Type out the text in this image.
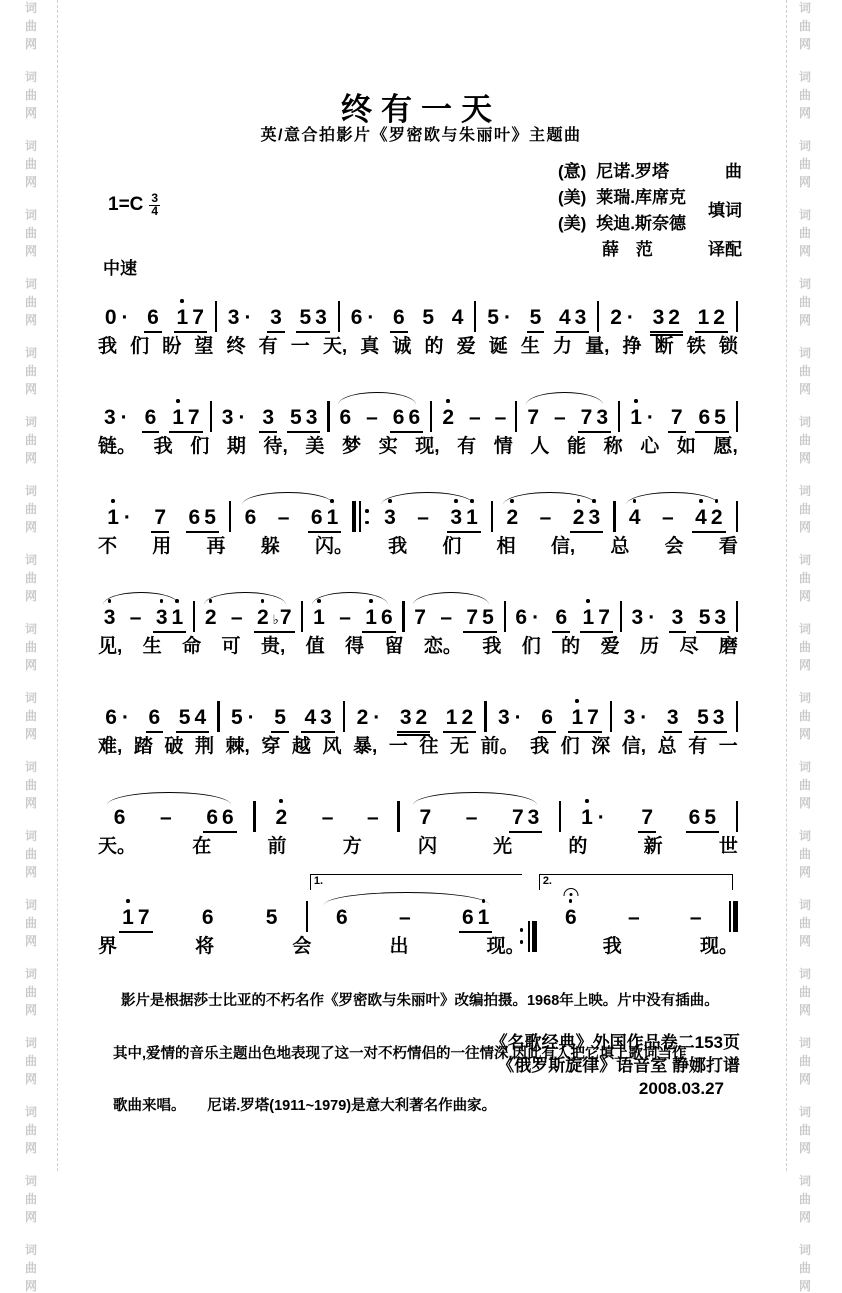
词
曲
网
词
曲
网
词
曲
网
词
曲
网
词
曲
网
词
曲
网
词
曲
网
词
曲
网
词
曲
网
词
曲
网
词
曲
网
词
曲
网
词
曲
网
词
曲
网
词
曲
网
词
曲
网
词
曲
网
词
曲
网
词
曲
网
词
曲
网
词
曲
网
词
曲
网
词
曲
网
词
曲
网
词
曲
网
词
曲
网
词
曲
网
词
曲
网
词
曲
网
词
曲
网
词
曲
网
词
曲
网
词
曲
网
词
曲
网
词
曲
网
词
曲
网
词
曲
网
词
曲
网
终有一天
英/意合拍影片《罗密欧与朱丽叶》主题曲
(意) 尼诺.罗塔	曲
(美) 莱瑞.库席克
填词
(美) 埃迪.斯奈德
薛　范	译配
$1=C \frac{3}{4}$
中速
0 · 6 1 7 3 · 3 5 3 6 · 6 5 4 5 · 5 4 3 2 · 3 2 1 2
我 们 盼 望 终 有 一 天, 真 诚 的 爱 诞 生 力 量, 挣 断 铁 锁
3 · 6 1 7 3 · 3 5 3 6 – 6 6 2 – – 7 – 7 3 1 · 7 6 5
链。 我 们 期 待, 美 梦 实 现, 有 情 人 能 称 心 如 愿,
1 · 7 6 5 6 – 6 1 3 – 3 1 2 – 2 3 4 – 4 2
不 用 再 躲 闪。 我 们 相 信, 总 会 看
3 – 3 1 2 – 2 ♭7 1 – 1 6 7 – 7 5 6 · 6 1 7 3 · 3 5 3
见, 生 命 可 贵, 值 得 留 恋。 我 们 的 爱 历 尽 磨
6 · 6 5 4 5 · 5 4 3 2 · 3 2 1 2 3 · 6 1 7 3 · 3 5 3
难, 踏 破 荆 棘, 穿 越 风 暴, 一 往 无 前。 我 们 深 信, 总 有 一
6 – 6 6 2 – – 7 – 7 3 1 · 7 6 5
天。	在	前	方	闪	光	的	新	世
1 7 6 5
1.
6 – 6 1
2.
6 – –
界	将	会	出	现。	我	现。

影片是根据莎士比亚的不朽名作《罗密欧与朱丽叶》改编拍摄。1968年上映。片中没有插曲。

其中,爱情的音乐主题出色地表现了这一对不朽情侣的一往情深,因此有人把它填上歌词当作

歌曲来唱。　　尼诺.罗塔(1911~1979)是意大利著名作曲家。

《名歌经典》外国作品卷二153页
《俄罗斯旋律》语音室 静娜打谱
2008.03.27
